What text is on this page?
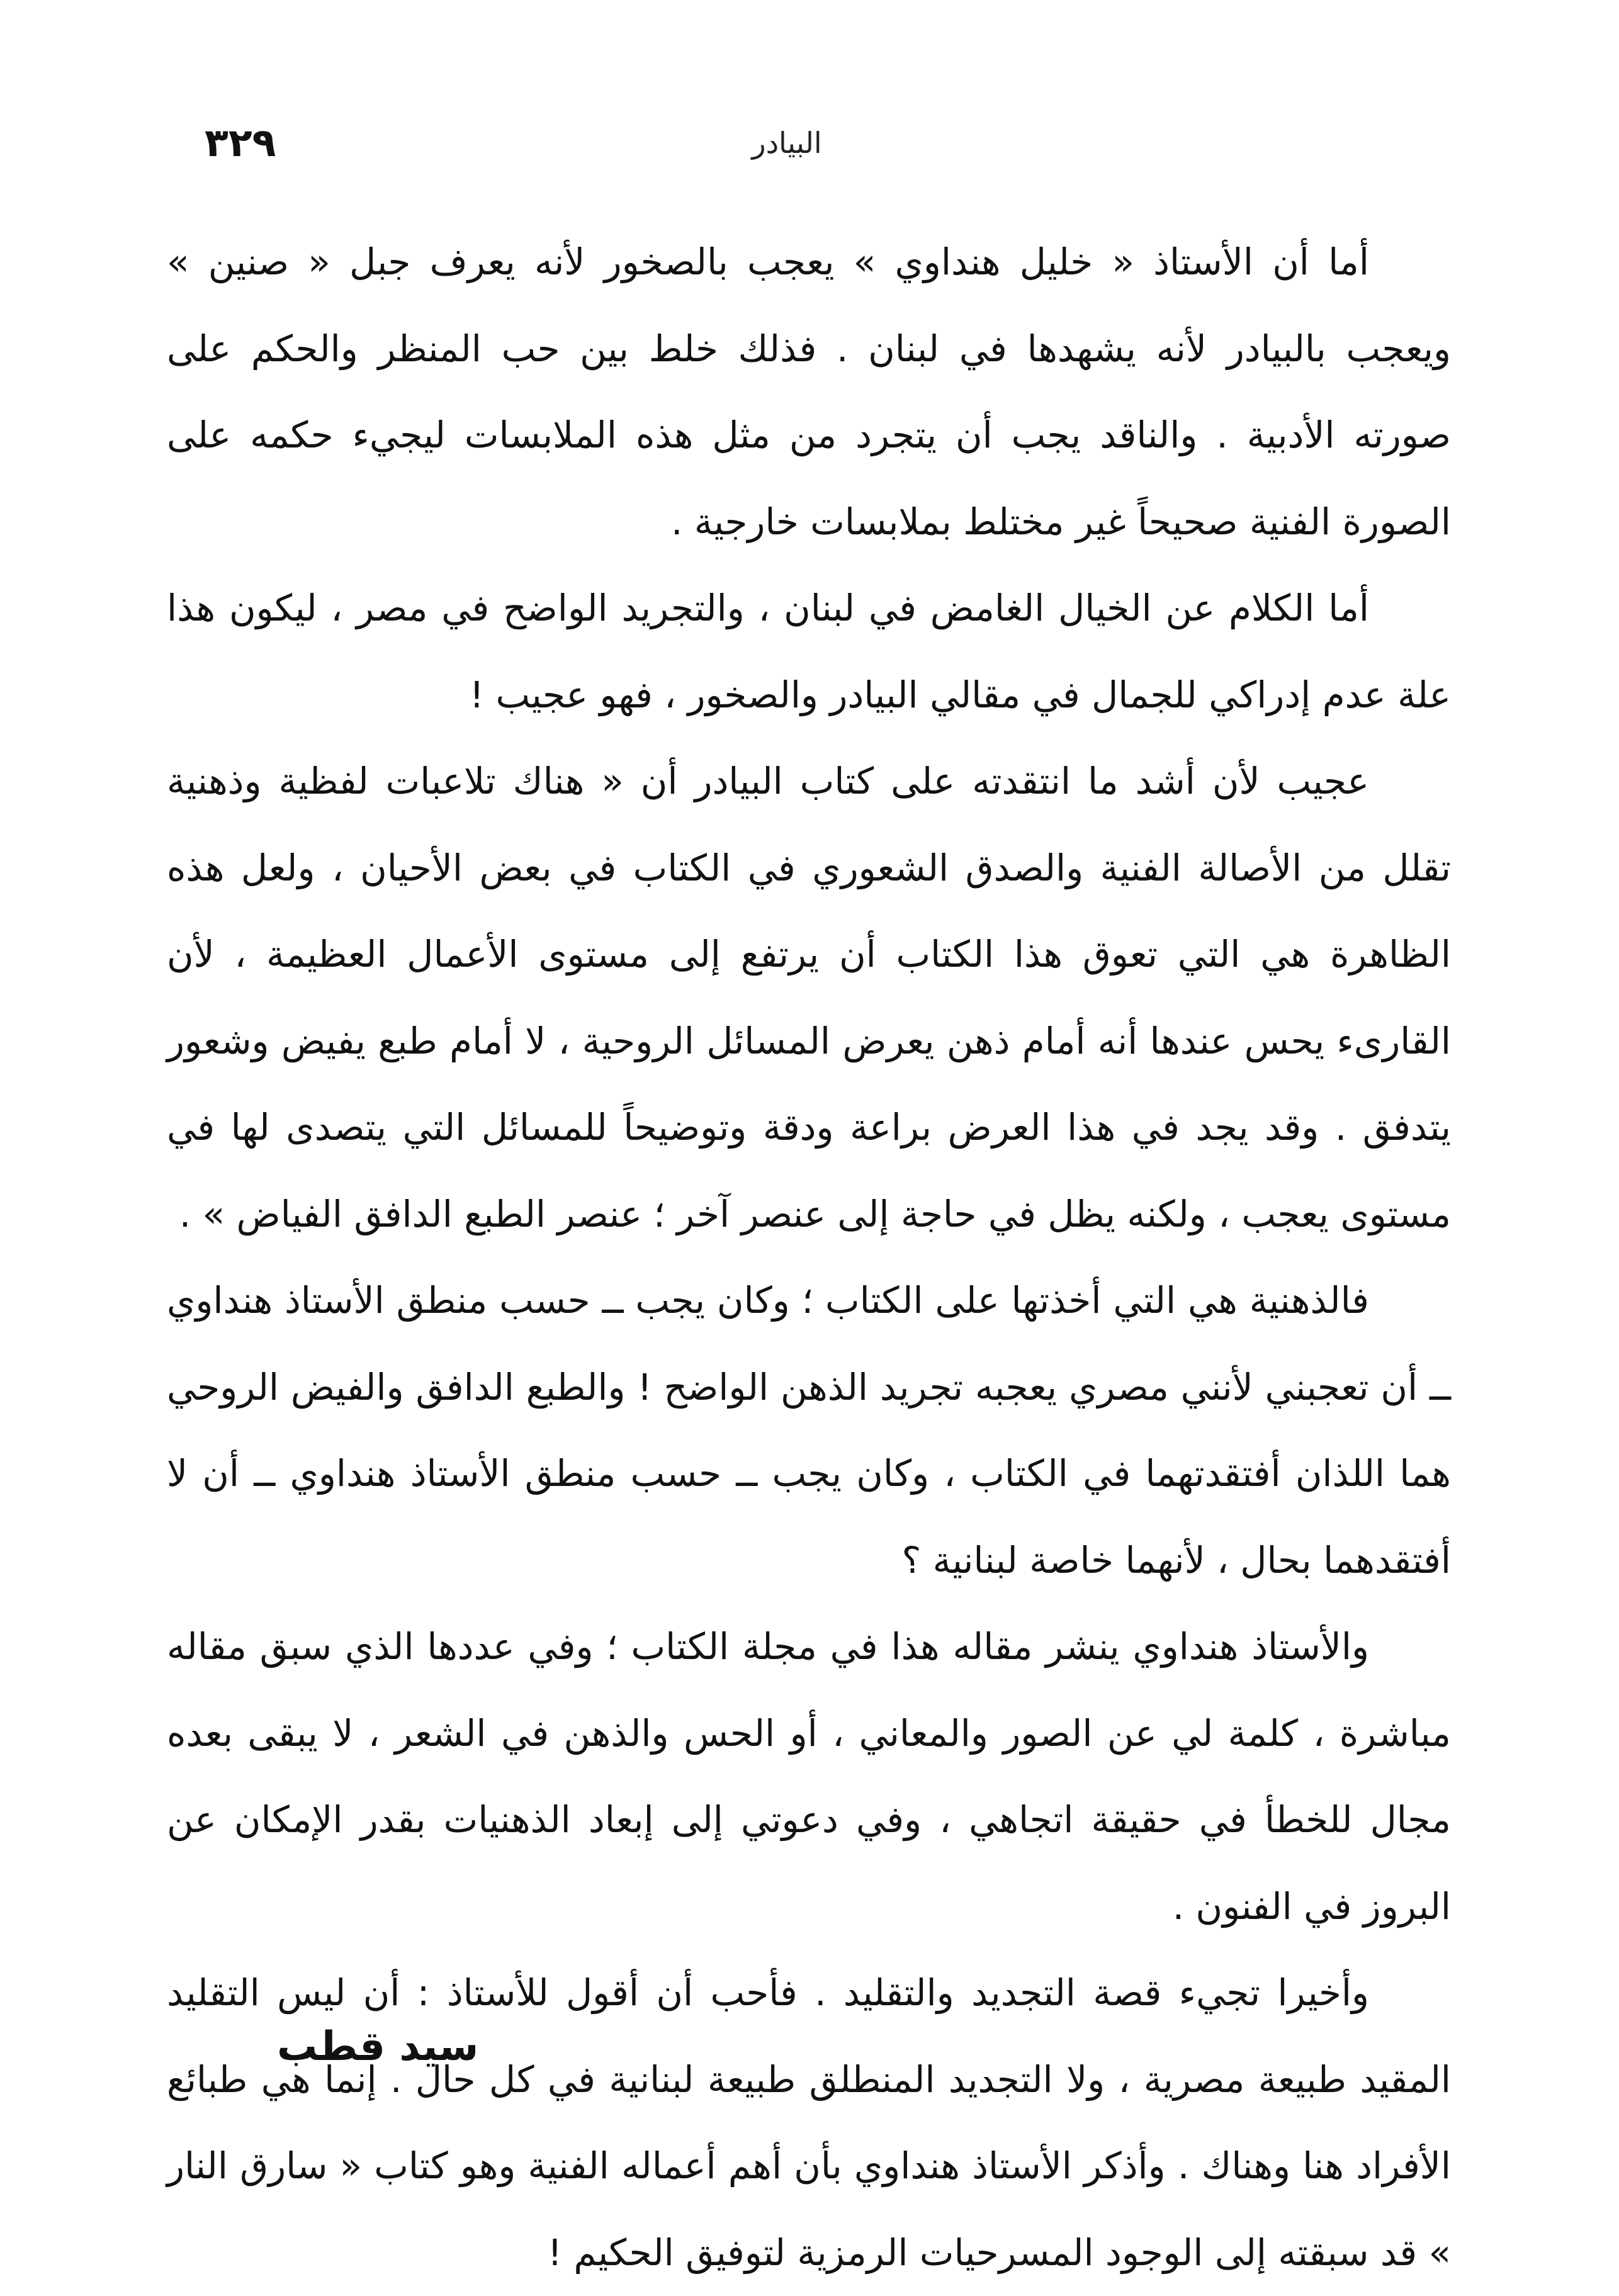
البيادر
٣٢٩

أما أن الأستاذ « خليل هنداوي » يعجب بالصخور لأنه يعرف جبل « صنين » ويعجب بالبيادر لأنه يشهدها في لبنان . فذلك خلط بين حب المنظر والحكم على صورته الأدبية . والناقد يجب أن يتجرد من مثل هذه الملابسات ليجيء حكمه على الصورة الفنية صحيحاً غير مختلط بملابسات خارجية .

أما الكلام عن الخيال الغامض في لبنان ، والتجريد الواضح في مصر ، ليكون هذا علة عدم إدراكي للجمال في مقالي البيادر والصخور ، فهو عجيب !

عجيب لأن أشد ما انتقدته على كتاب البيادر أن « هناك تلاعبات لفظية وذهنية تقلل من الأصالة الفنية والصدق الشعوري في الكتاب في بعض الأحيان ، ولعل هذه الظاهرة هي التي تعوق هذا الكتاب أن يرتفع إلى مستوى الأعمال العظيمة ، لأن القارىء يحس عندها أنه أمام ذهن يعرض المسائل الروحية ، لا أمام طبع يفيض وشعور يتدفق . وقد يجد في هذا العرض براعة ودقة وتوضيحاً للمسائل التي يتصدى لها في مستوى يعجب ، ولكنه يظل في حاجة إلى عنصر آخر ؛ عنصر الطبع الدافق الفياض » .

فالذهنية هي التي أخذتها على الكتاب ؛ وكان يجب ــ حسب منطق الأستاذ هنداوي ــ أن تعجبني لأنني مصري يعجبه تجريد الذهن الواضح ! والطبع الدافق والفيض الروحي هما اللذان أفتقدتهما في الكتاب ، وكان يجب ــ حسب منطق الأستاذ هنداوي ــ أن لا أفتقدهما بحال ، لأنهما خاصة لبنانية ؟

والأستاذ هنداوي ينشر مقاله هذا في مجلة الكتاب ؛ وفي عددها الذي سبق مقاله مباشرة ، كلمة لي عن الصور والمعاني ، أو الحس والذهن في الشعر ، لا يبقى بعده مجال للخطأ في حقيقة اتجاهي ، وفي دعوتي إلى إبعاد الذهنيات بقدر الإمكان عن البروز في الفنون .

وأخيرا تجيء قصة التجديد والتقليد . فأحب أن أقول للأستاذ : أن ليس التقليد المقيد طبيعة مصرية ، ولا التجديد المنطلق طبيعة لبنانية في كل حال . إنما هي طبائع الأفراد هنا وهناك . وأذكر الأستاذ هنداوي بأن أهم أعماله الفنية وهو كتاب « سارق النار » قد سبقته إلى الوجود المسرحيات الرمزية لتوفيق الحكيم !

سيد قطب
